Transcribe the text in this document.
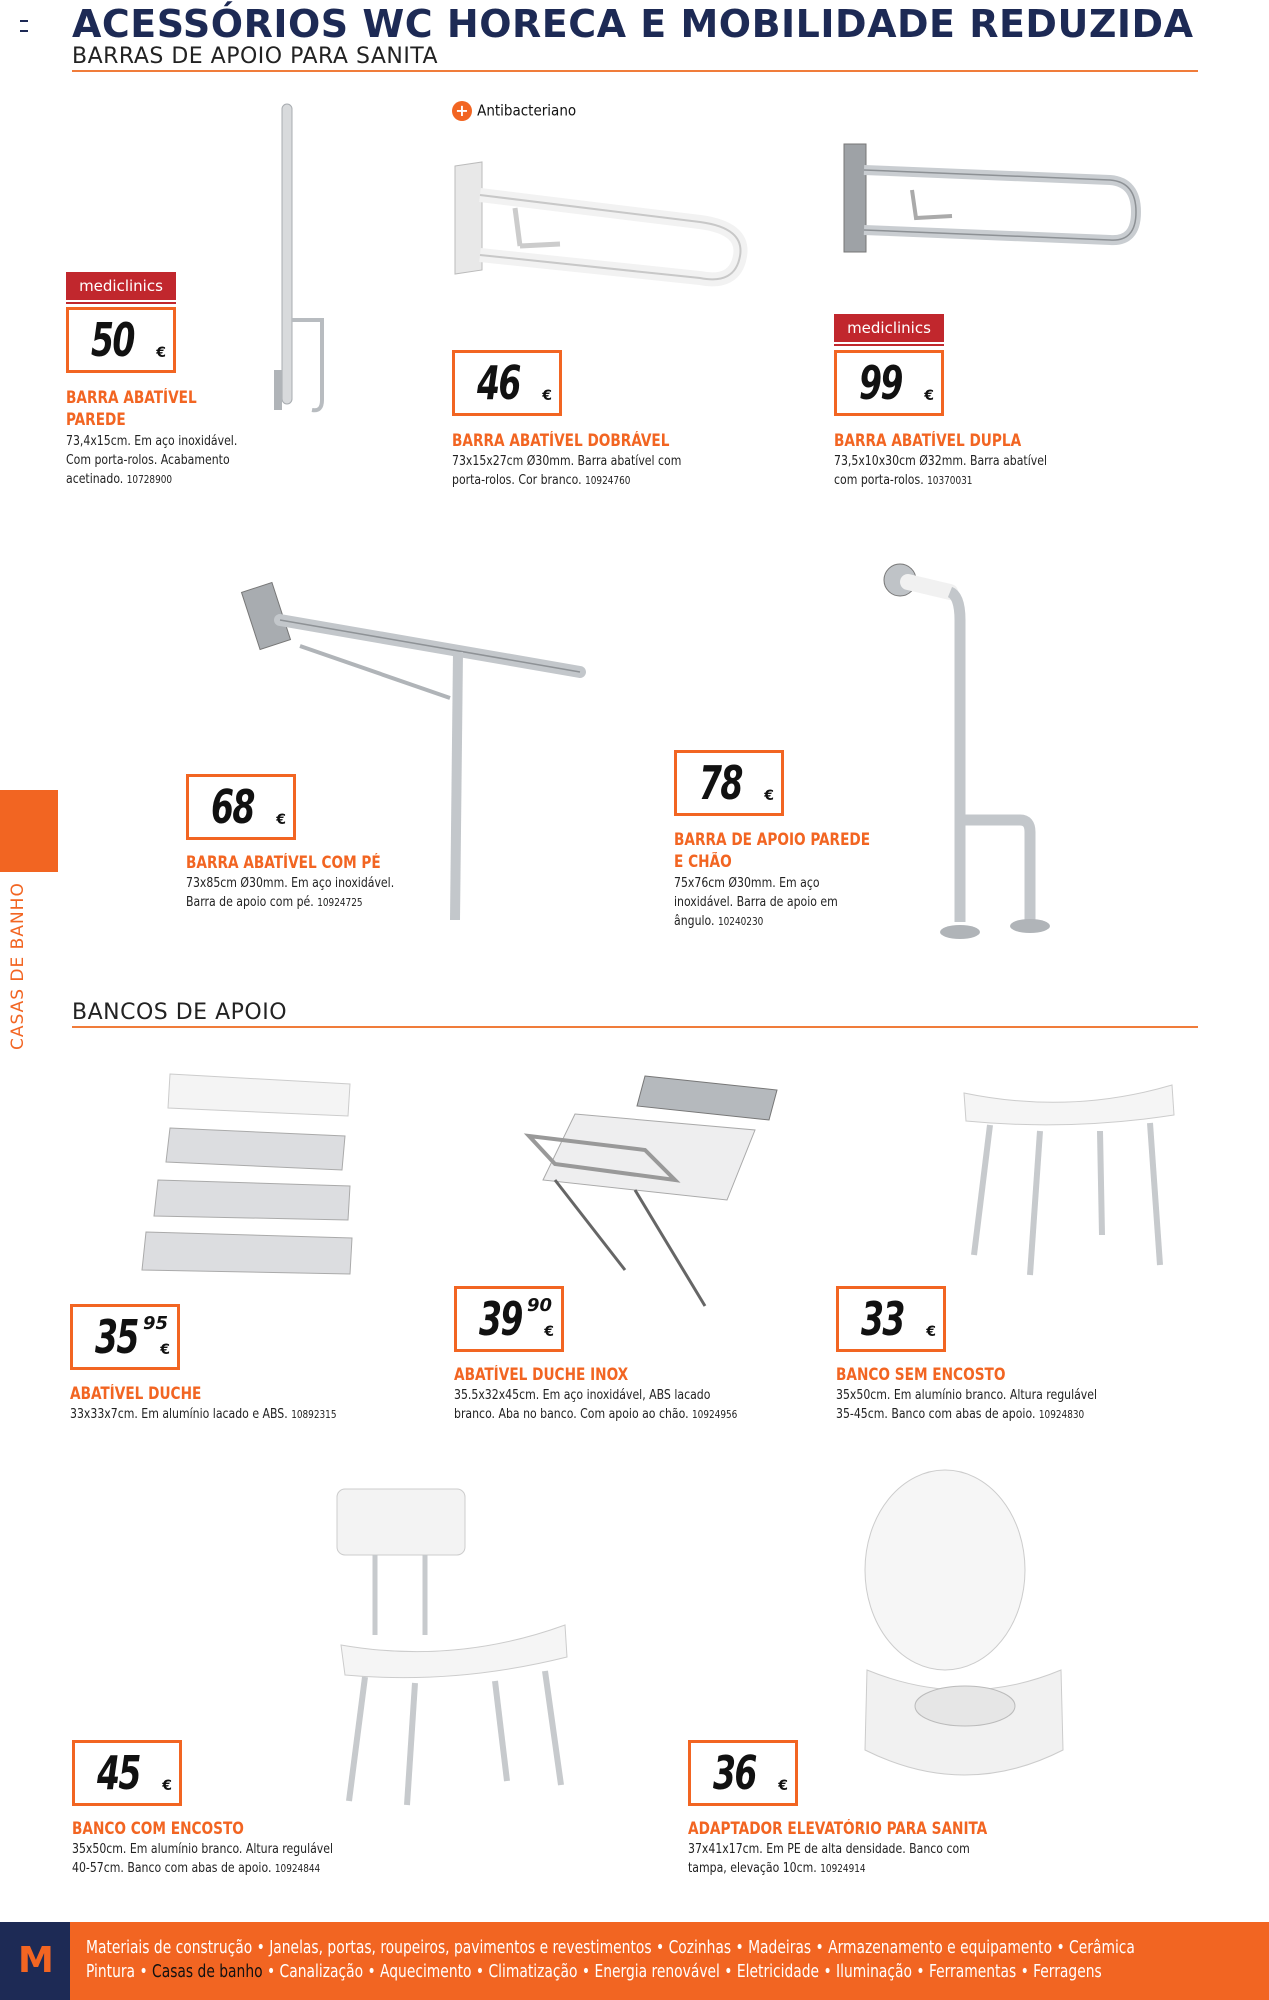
ACESSÓRIOS WC HORECA E MOBILIDADE REDUZIDA
BARRAS DE APOIO PARA SANITA
CASAS DE BANHO
+ Antibacteriano
BANCOS DE APOIO
mediclinics
mediclinics
50 €
BARRA ABATÍVEL
PAREDE
73,4x15cm. Em aço inoxidável.
Com porta-rolos. Acabamento
acetinado. 10728900
46 €
BARRA ABATÍVEL DOBRÁVEL
73x15x27cm Ø30mm. Barra abatível com
porta-rolos. Cor branco. 10924760
99 €
BARRA ABATÍVEL DUPLA
73,5x10x30cm Ø32mm. Barra abatível
com porta-rolos. 10370031
68 €
BARRA ABATÍVEL COM PÉ
73x85cm Ø30mm. Em aço inoxidável.
Barra de apoio com pé. 10924725
78 €
BARRA DE APOIO PAREDE
E CHÃO
75x76cm Ø30mm. Em aço
inoxidável. Barra de apoio em
ângulo. 10240230
35 95
€
ABATÍVEL DUCHE
33x33x7cm. Em alumínio lacado e ABS. 10892315
39 90
€
ABATÍVEL DUCHE INOX
35.5x32x45cm. Em aço inoxidável, ABS lacado
branco. Aba no banco. Com apoio ao chão. 10924956
33 €
BANCO SEM ENCOSTO
35x50cm. Em alumínio branco. Altura regulável
35-45cm. Banco com abas de apoio. 10924830
45 €
BANCO COM ENCOSTO
35x50cm. Em alumínio branco. Altura regulável
40-57cm. Banco com abas de apoio. 10924844
36 €
ADAPTADOR ELEVATÓRIO PARA SANITA
37x41x17cm. Em PE de alta densidade. Banco com
tampa, elevação 10cm. 10924914
M Materiais de construção • Janelas, portas, roupeiros, pavimentos e revestimentos • Cozinhas • Madeiras • Armazenamento e equipamento • Cerâmica
Pintura • Casas de banho • Canalização • Aquecimento • Climatização • Energia renovável • Eletricidade • Iluminação • Ferramentas • Ferragens
